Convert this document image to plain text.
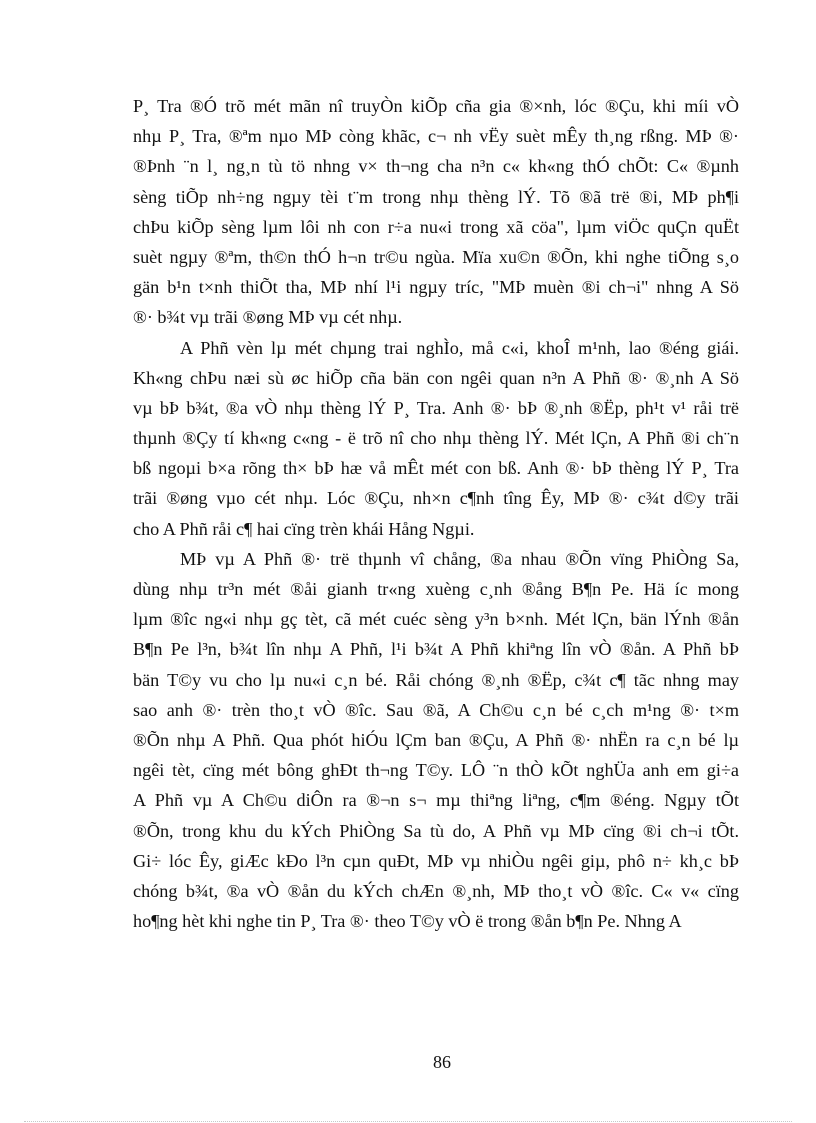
P¸ Tra ®Ó trõ mét mãn nî truyÒn kiÕp cña gia ®×nh, lóc ®Çu, khi míi vÒ
nhµ P¸ Tra, ®ªm nµo MÞ còng khãc, c¬ nh vËy suèt mÊy th¸ng rßng. MÞ ®·
®Þnh ¨n l¸ ng¸n tù tö nhng v× th¬ng cha n³n c« kh«ng thÓ chÕt: C« ®µnh
sèng tiÕp nh÷ng ngµy tèi t¨m trong nhµ thèng lÝ. Tõ ®ã trë ®i, MÞ ph¶i
chÞu kiÕp sèng lµm lôi nh con r÷a nu«i trong xã cöa", lµm viÖc quÇn quËt
suèt ngµy ®ªm, th©n thÓ h¬n tr©u ngùa. Mïa xu©n ®Õn, khi nghe tiÕng s¸o
gän b¹n t×nh thiÕt tha, MÞ nhí l¹i ngµy tríc, "MÞ muèn ®i ch¬i" nhng A Sö
®· b¾t vµ trãi ®øng MÞ vµ cét nhµ.
A Phñ vèn lµ mét chµng trai nghÌo, må c«i, khoÎ m¹nh, lao ®éng giái.
Kh«ng chÞu næi sù øc hiÕp cña bän con ngêi quan n³n A Phñ ®· ®¸nh A Sö
vµ bÞ b¾t, ®a vÒ nhµ thèng lÝ P¸ Tra. Anh ®· bÞ ®¸nh ®Ëp, ph¹t v¹ råi trë
thµnh ®Çy tí kh«ng c«ng - ë trõ nî cho nhµ thèng lÝ. Mét lÇn, A Phñ ®i ch¨n
bß ngoµi b×a rõng th× bÞ hæ vå mÊt mét con bß. Anh ®· bÞ thèng lÝ P¸ Tra
trãi ®øng vµo cét nhµ. Lóc ®Çu, nh×n c¶nh tîng Êy, MÞ ®· c¾t d©y trãi
cho A Phñ råi c¶ hai cïng trèn khái Hång Ngµi.
MÞ vµ A Phñ ®· trë thµnh vî chång, ®a nhau ®Õn vïng PhiÒng Sa,
dùng nhµ tr³n mét ®åi gianh tr«ng xuèng c¸nh ®ång B¶n Pe. Hä íc mong
lµm ®îc ng«i nhµ gç tèt, cã mét cuéc sèng y³n b×nh. Mét lÇn, bän lÝnh ®ån
B¶n Pe l³n, b¾t lîn nhµ A Phñ, l¹i b¾t A Phñ khiªng lîn vÒ ®ån. A Phñ bÞ
bän T©y vu cho lµ nu«i c¸n bé. Råi chóng ®¸nh ®Ëp, c¾t c¶ tãc nhng may
sao anh ®· trèn tho¸t vÒ ®îc. Sau ®ã, A Ch©u c¸n bé c¸ch m¹ng ®· t×m
®Õn nhµ A Phñ. Qua phót hiÓu lÇm ban ®Çu, A Phñ ®· nhËn ra c¸n bé lµ
ngêi tèt, cïng mét bông ghÐt th¬ng T©y. LÔ ¨n thÒ kÕt nghÜa anh em gi÷a
A Phñ vµ A Ch©u diÔn ra ®¬n s¬ mµ thiªng liªng, c¶m ®éng. Ngµy tÕt
®Õn, trong khu du kÝch PhiÒng Sa tù do, A Phñ vµ MÞ cïng ®i ch¬i tÕt.
Gi÷ lóc Êy, giÆc kÐo l³n cµn quÐt, MÞ vµ nhiÒu ngêi giµ, phô n÷ kh¸c bÞ
chóng b¾t, ®a vÒ ®ån du kÝch chÆn ®¸nh, MÞ tho¸t vÒ ®îc. C« v« cïng
ho¶ng hèt khi nghe tin P¸ Tra ®· theo T©y vÒ ë trong ®ån b¶n Pe. Nhng A
86
